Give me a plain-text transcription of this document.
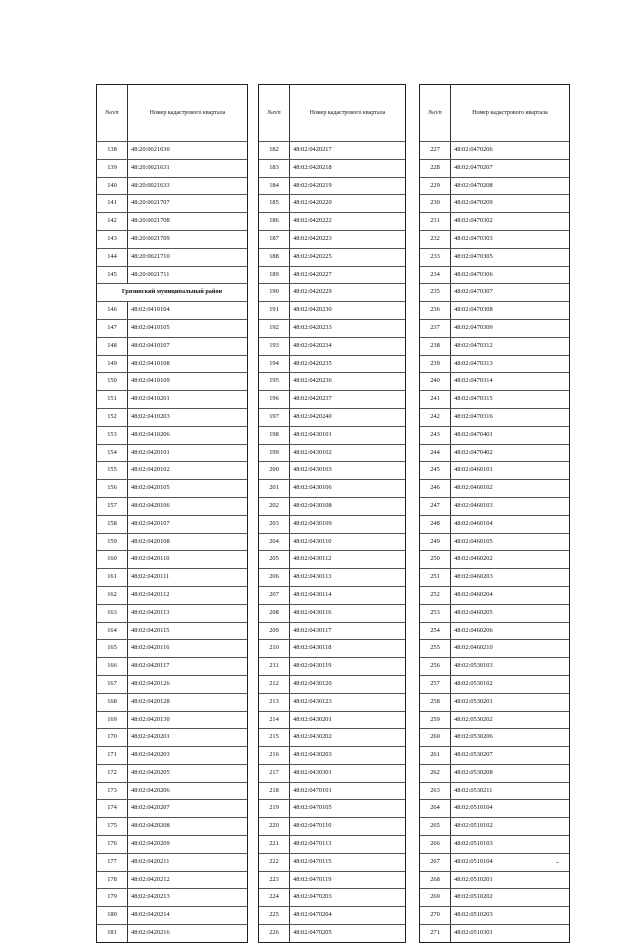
№п/п	Номер кадастрового квартала
138	48:20:0021630
139	48:20:0021631
140	48:20:0021633
141	48:20:0021707
142	48:20:0021708
143	48:20:0021709
144	48:20:0021710
145	48:20:0021711
Грязинский муниципальный район
146	48:02:0410104
147	48:02:0410105
148	48:02:0410107
149	48:02:0410108
150	48:02:0410109
151	48:02:0410201
152	48:02:0410203
153	48:02:0410206
154	48:02:0420101
155	48:02:0420102
156	48:02:0420105
157	48:02:0420106
158	48:02:0420107
159	48:02:0420108
160	48:02:0420110
161	48:02:0420111
162	48:02:0420112
163	48:02:0420113
164	48:02:0420115
165	48:02:0420116
166	48:02:0420117
167	48:02:0420126
168	48:02:0420128
169	48:02:0420130
170	48:02:0420201
171	48:02:0420203
172	48:02:0420205
173	48:02:0420206
174	48:02:0420207
175	48:02:0420208
176	48:02:0420209
177	48:02:0420211
178	48:02:0420212
179	48:02:0420213
180	48:02:0420214
181	48:02:0420216
№п/п	Номер кадастрового квартала
182	48:02:0420217
183	48:02:0420218
184	48:02:0420219
185	48:02:0420220
186	48:02:0420222
187	48:02:0420223
188	48:02:0420225
189	48:02:0420227
190	48:02:0420229
191	48:02:0420230
192	48:02:0420233
193	48:02:0420234
194	48:02:0420235
195	48:02:0420236
196	48:02:0420237
197	48:02:0420240
198	48:02:0430101
199	48:02:0430102
200	48:02:0430103
201	48:02:0430106
202	48:02:0430108
203	48:02:0430109
204	48:02:0430110
205	48:02:0430112
206	48:02:0430113
207	48:02:0430114
208	48:02:0430116
209	48:02:0430117
210	48:02:0430118
211	48:02:0430119
212	48:02:0430120
213	48:02:0430123
214	48:02:0430201
215	48:02:0430202
216	48:02:0430203
217	48:02:0430301
218	48:02:0470101
219	48:02:0470105
220	48:02:0470110
221	48:02:0470113
222	48:02:0470115
223	48:02:0470119
224	48:02:0470203
225	48:02:0470204
226	48:02:0470205
№п/п	Номер кадастрового квартала
227	48:02:0470206
228	48:02:0470207
229	48:02:0470208
230	48:02:0470209
231	48:02:0470302
232	48:02:0470303
233	48:02:0470305
234	48:02:0470306
235	48:02:0470307
236	48:02:0470308
237	48:02:0470309
238	48:02:0470312
239	48:02:0470313
240	48:02:0470314
241	48:02:0470315
242	48:02:0470316
243	48:02:0470401
244	48:02:0470402
245	48:02:0460101
246	48:02:0460102
247	48:02:0460103
248	48:02:0460104
249	48:02:0460105
250	48:02:0460202
251	48:02:0460203
252	48:02:0460204
253	48:02:0460205
254	48:02:0460206
255	48:02:0460210
256	48:02:0530103
257	48:02:0530102
258	48:02:0530201
259	48:02:0530202
260	48:02:0530206
261	48:02:0530207
262	48:02:0530208
263	48:02:0530211
264	48:02:0510104
265	48:02:0510102
266	48:02:0510103
267	48:02:0510104
268	48:02:0510201
269	48:02:0510202
270	48:02:0510203
271	48:02:0510301
